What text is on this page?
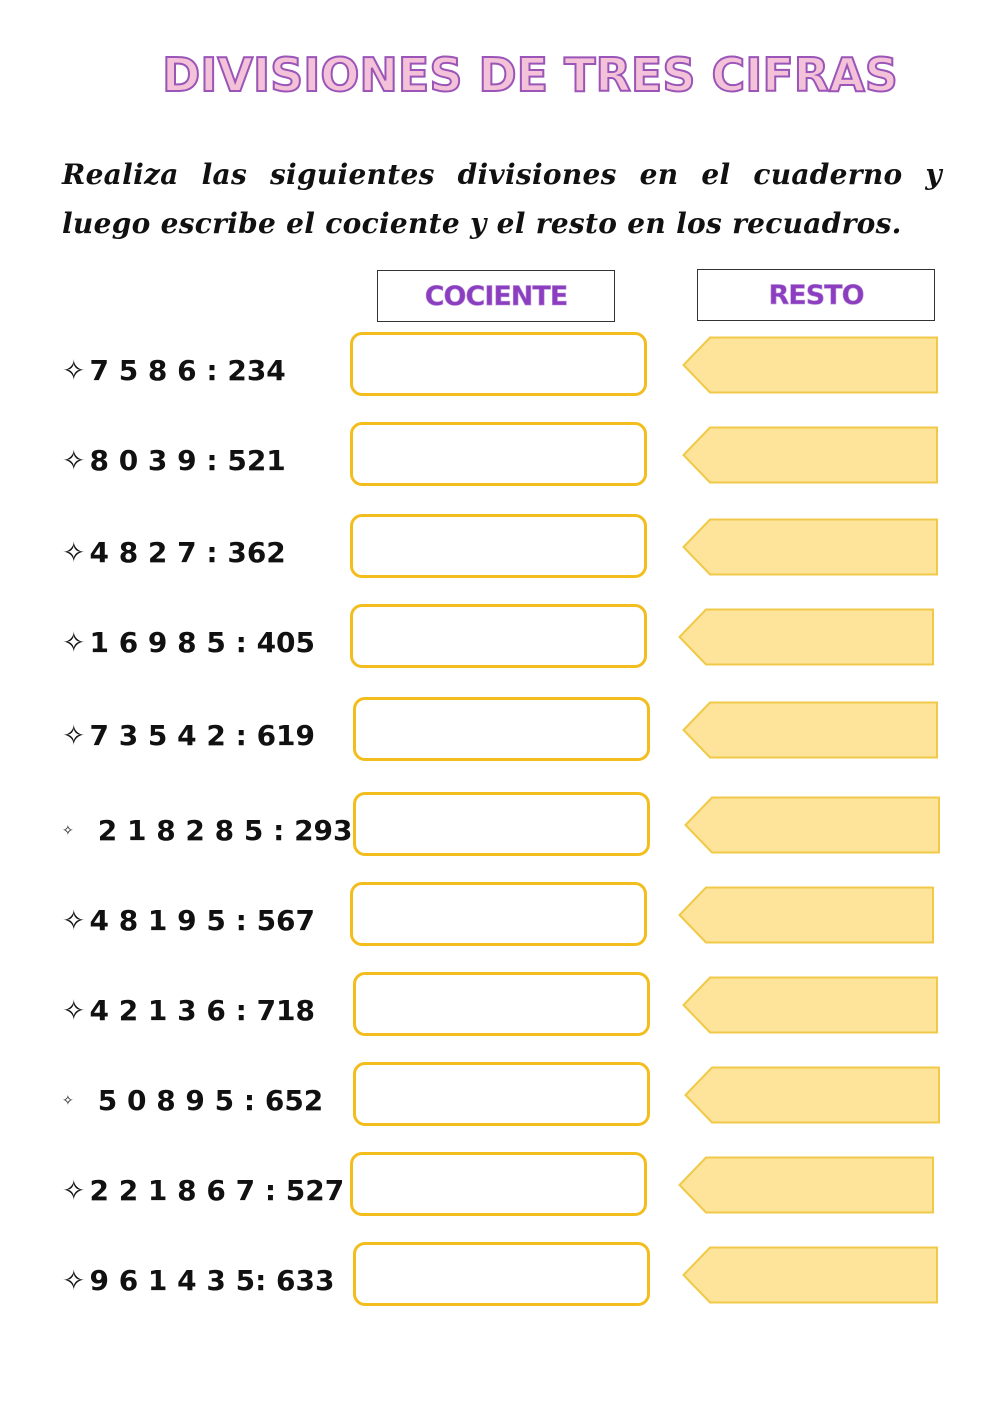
DIVISIONES DE TRES CIFRAS
Realiza las siguientes divisiones en el cuaderno y luego escribe el cociente y el resto en los recuadros.
COCIENTE	RESTO
✧ 7 5 8 6 : 234
✧ 8 0 3 9 : 521
✧ 4 8 2 7 : 362
✧ 1 6 9 8 5 : 405
✧ 7 3 5 4 2 : 619
✧ 2 1 8 2 8 5 : 293
✧ 4 8 1 9 5 : 567
✧ 4 2 1 3 6 : 718
✧ 5 0 8 9 5 : 652
✧ 2 2 1 8 6 7 : 527
✧ 9 6 1 4 3 5: 633
